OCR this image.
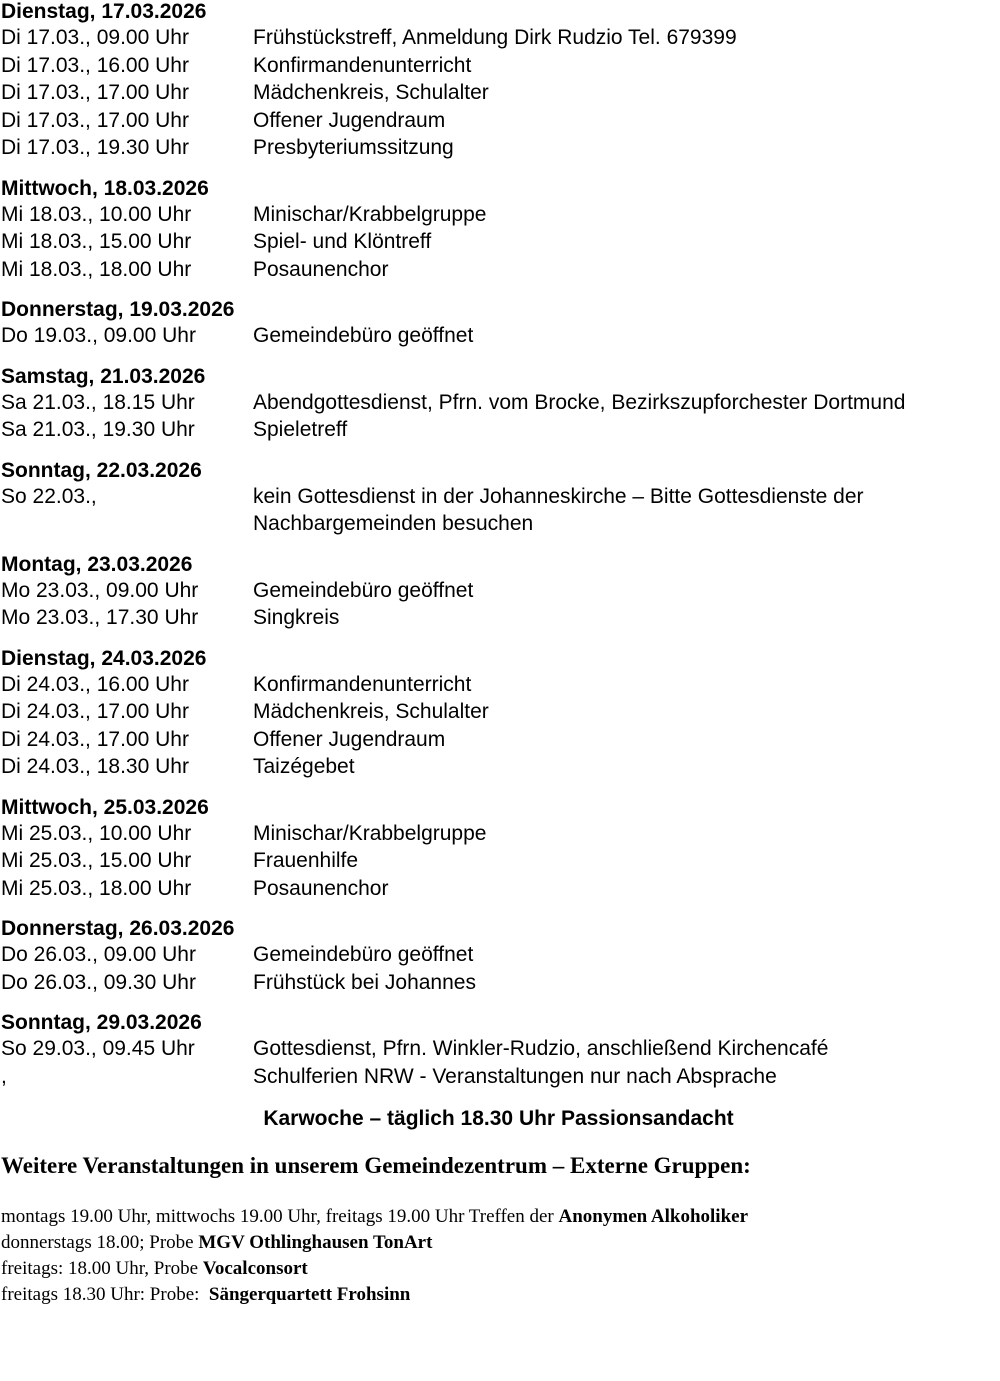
Dienstag, 17.03.2026
Di 17.03., 09.00 Uhr	Frühstückstreff, Anmeldung Dirk Rudzio Tel. 679399
Di 17.03., 16.00 Uhr	Konfirmandenunterricht
Di 17.03., 17.00 Uhr	Mädchenkreis, Schulalter
Di 17.03., 17.00 Uhr	Offener Jugendraum
Di 17.03., 19.30 Uhr	Presbyteriumssitzung
Mittwoch, 18.03.2026
Mi 18.03., 10.00 Uhr	Minischar/Krabbelgruppe
Mi 18.03., 15.00 Uhr	Spiel- und Klöntreff
Mi 18.03., 18.00 Uhr	Posaunenchor
Donnerstag, 19.03.2026
Do 19.03., 09.00 Uhr	Gemeindebüro geöffnet
Samstag, 21.03.2026
Sa 21.03., 18.15 Uhr	Abendgottesdienst, Pfrn. vom Brocke, Bezirkszupforchester Dortmund
Sa 21.03., 19.30 Uhr	Spieletreff
Sonntag, 22.03.2026
So 22.03.,	kein Gottesdienst in der Johanneskirche – Bitte Gottesdienste der Nachbargemeinden besuchen
Montag, 23.03.2026
Mo 23.03., 09.00 Uhr	Gemeindebüro geöffnet
Mo 23.03., 17.30 Uhr	Singkreis
Dienstag, 24.03.2026
Di 24.03., 16.00 Uhr	Konfirmandenunterricht
Di 24.03., 17.00 Uhr	Mädchenkreis, Schulalter
Di 24.03., 17.00 Uhr	Offener Jugendraum
Di 24.03., 18.30 Uhr	Taizégebet
Mittwoch, 25.03.2026
Mi 25.03., 10.00 Uhr	Minischar/Krabbelgruppe
Mi 25.03., 15.00 Uhr	Frauenhilfe
Mi 25.03., 18.00 Uhr	Posaunenchor
Donnerstag, 26.03.2026
Do 26.03., 09.00 Uhr	Gemeindebüro geöffnet
Do 26.03., 09.30 Uhr	Frühstück bei Johannes
Sonntag, 29.03.2026
So 29.03., 09.45 Uhr	Gottesdienst, Pfrn. Winkler-Rudzio, anschließend Kirchencafé
,	Schulferien NRW - Veranstaltungen nur nach Absprache
Karwoche – täglich 18.30 Uhr Passionsandacht
Weitere Veranstaltungen in unserem Gemeindezentrum – Externe Gruppen:
montags 19.00 Uhr, mittwochs 19.00 Uhr, freitags 19.00 Uhr Treffen der Anonymen Alkoholiker
donnerstags 18.00; Probe MGV Othlinghausen TonArt
freitags: 18.00 Uhr, Probe Vocalconsort
freitags 18.30 Uhr: Probe:  Sängerquartett Frohsinn
